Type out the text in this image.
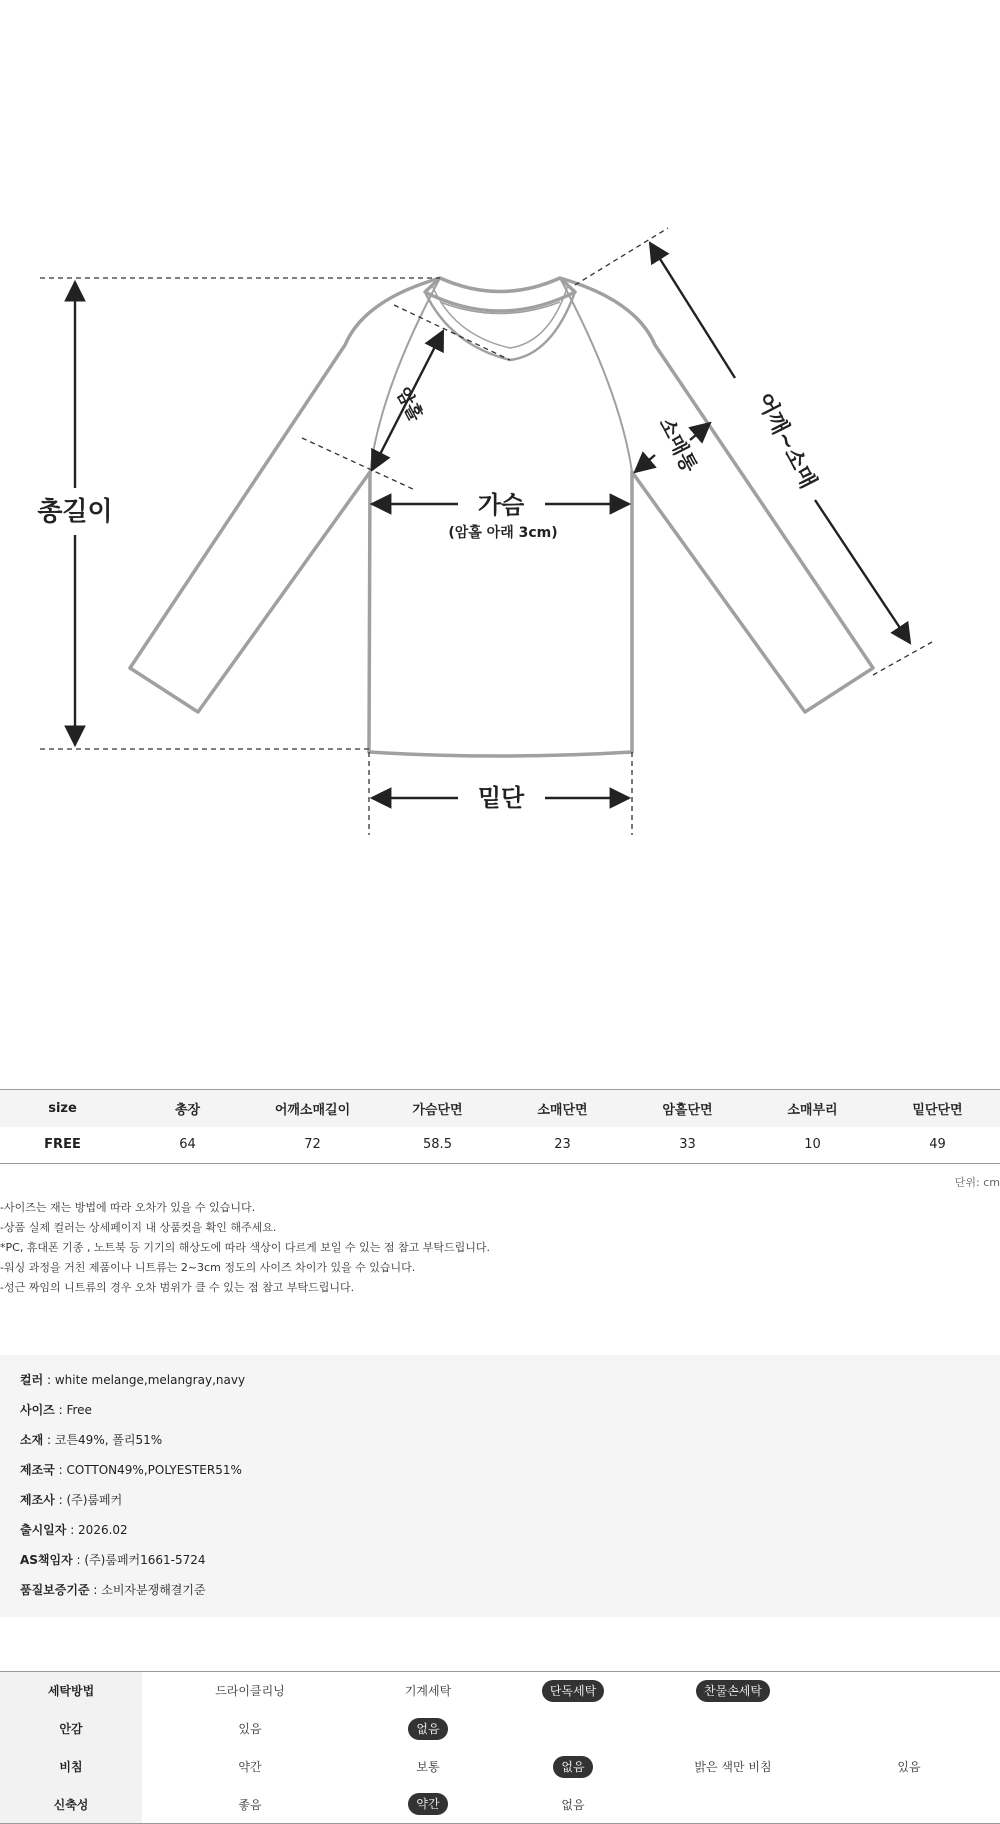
총길이
암홀
가슴
(암홀 아래 3cm)
소매통 어깨~소매
밑단
size	총장	어깨소매길이	가슴단면	소매단면	암홀단면	소매부리	밑단단면
FREE	64	72	58.5	23	33	10	49
단위: cm
-사이즈는 재는 방법에 따라 오차가 있을 수 있습니다.
-상품 실제 컬러는 상세페이지 내 상품컷을 확인 해주세요.
*PC, 휴대폰 기종 , 노트북 등 기기의 해상도에 따라 색상이 다르게 보일 수 있는 점 참고 부탁드립니다.
-워싱 과정을 거친 제품이나 니트류는 2~3cm 정도의 사이즈 차이가 있을 수 있습니다.
-성근 짜임의 니트류의 경우 오차 범위가 클 수 있는 점 참고 부탁드립니다.
컬러 : white melange,melangray,navy
사이즈 : Free
소재 : 코튼49%, 폴리51%
제조국 : COTTON49%,POLYESTER51%
제조사 : (주)룸페커
출시일자 : 2026.02
AS책임자 : (주)룸페커1661-5724
품질보증기준 : 소비자분쟁해결기준
세탁방법	드라이클리닝	기계세탁	단독세탁	찬물손세탁	
안감	있음	없음			
비침	약간	보통	없음	밝은 색만 비침	있음
신축성	좋음	약간	없음		
